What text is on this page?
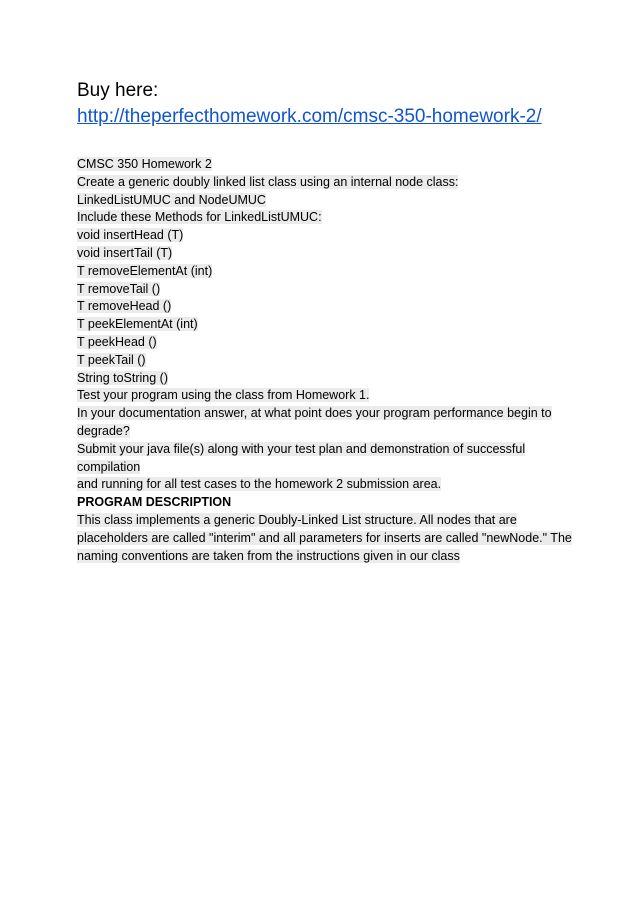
Buy here:
http://theperfecthomework.com/cmsc-350-homework-2/
CMSC 350 Homework 2
Create a generic doubly linked list class using an internal node class:
LinkedListUMUC and NodeUMUC
Include these Methods for LinkedListUMUC:
void insertHead (T)
void insertTail (T)
T removeElementAt (int)
T removeTail ()
T removeHead ()
T peekElementAt (int)
T peekHead ()
T peekTail ()
String toString ()
Test your program using the class from Homework 1.
In your documentation answer, at what point does your program performance begin to
degrade?
Submit your java file(s) along with your test plan and demonstration of successful
compilation
and running for all test cases to the homework 2 submission area.
PROGRAM DESCRIPTION
This class implements a generic Doubly-Linked List structure. All nodes that are
placeholders are called "interim" and all parameters for inserts are called "newNode." The
naming conventions are taken from the instructions given in our class
